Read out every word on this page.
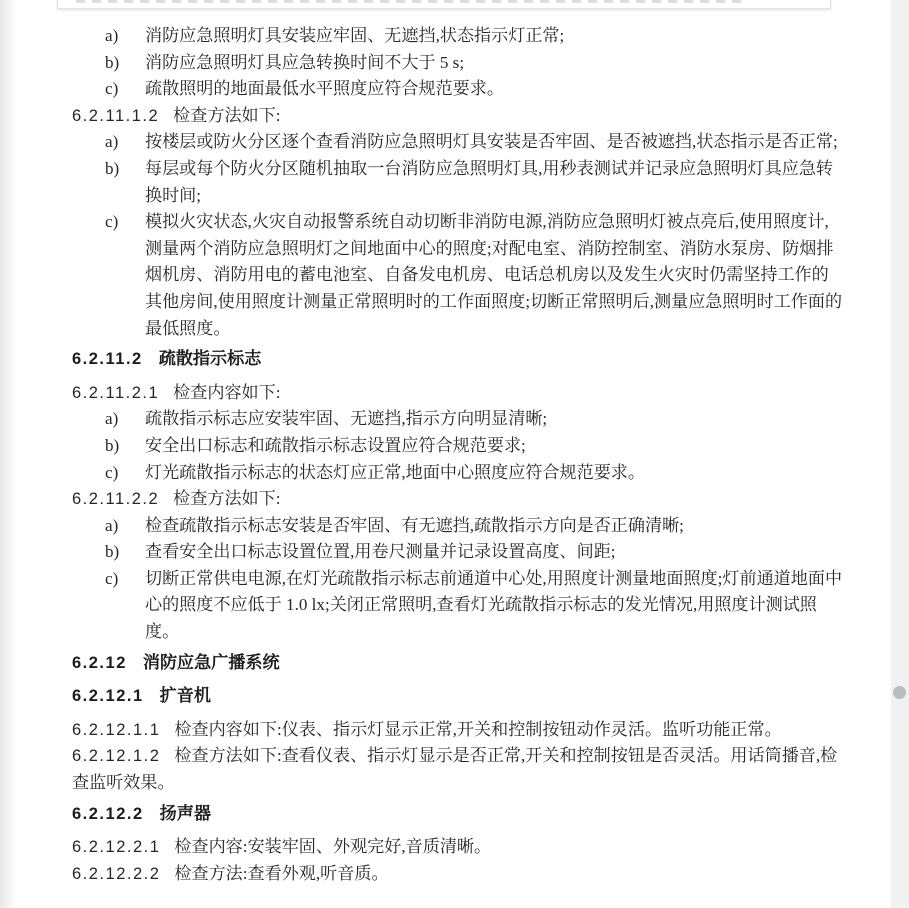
a) 消防应急照明灯具安装应牢固、无遮挡,状态指示灯正常;
b) 消防应急照明灯具应急转换时间不大于 5 s;
c) 疏散照明的地面最低水平照度应符合规范要求。

6.2.11.1.2 检查方法如下:

a) 按楼层或防火分区逐个查看消防应急照明灯具安装是否牢固、是否被遮挡,状态指示是否正常;
b) 每层或每个防火分区随机抽取一台消防应急照明灯具,用秒表测试并记录应急照明灯具应急转换时间;
c) 模拟火灾状态,火灾自动报警系统自动切断非消防电源,消防应急照明灯被点亮后,使用照度计,测量两个消防应急照明灯之间地面中心的照度;对配电室、消防控制室、消防水泵房、防烟排烟机房、消防用电的蓄电池室、自备发电机房、电话总机房以及发生火灾时仍需坚持工作的其他房间,使用照度计测量正常照明时的工作面照度;切断正常照明后,测量应急照明时工作面的最低照度。

6.2.11.2 疏散指示标志

6.2.11.2.1 检查内容如下:

a) 疏散指示标志应安装牢固、无遮挡,指示方向明显清晰;
b) 安全出口标志和疏散指示标志设置应符合规范要求;
c) 灯光疏散指示标志的状态灯应正常,地面中心照度应符合规范要求。

6.2.11.2.2 检查方法如下:

a) 检查疏散指示标志安装是否牢固、有无遮挡,疏散指示方向是否正确清晰;
b) 查看安全出口标志设置位置,用卷尺测量并记录设置高度、间距;
c) 切断正常供电电源,在灯光疏散指示标志前通道中心处,用照度计测量地面照度;灯前通道地面中心的照度不应低于 1.0 lx;关闭正常照明,查看灯光疏散指示标志的发光情况,用照度计测试照度。

6.2.12 消防应急广播系统

6.2.12.1 扩音机

6.2.12.1.1 检查内容如下:仪表、指示灯显示正常,开关和控制按钮动作灵活。监听功能正常。

6.2.12.1.2 检查方法如下:查看仪表、指示灯显示是否正常,开关和控制按钮是否灵活。用话筒播音,检查监听效果。

6.2.12.2 扬声器

6.2.12.2.1 检查内容:安装牢固、外观完好,音质清晰。

6.2.12.2.2 检查方法:查看外观,听音质。
